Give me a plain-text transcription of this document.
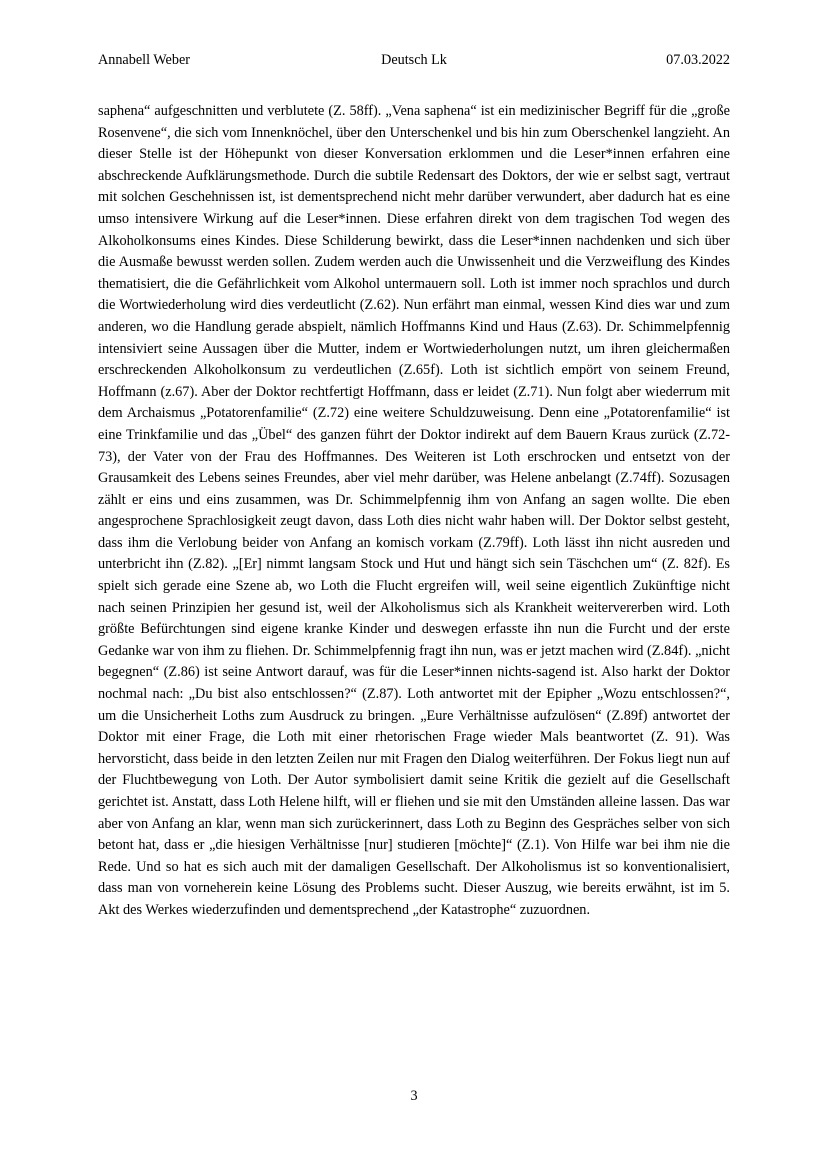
Annabell Weber	Deutsch Lk	07.03.2022

saphena“ aufgeschnitten und verblutete (Z. 58ff). „Vena saphena“ ist ein medizinischer Begriff für die „große Rosenvene“, die sich vom Innenknöchel, über den Unterschenkel und bis hin zum Oberschenkel langzieht. An dieser Stelle ist der Höhepunkt von dieser Konversation erklommen und die Leser*innen erfahren eine abschreckende Aufklärungsmethode. Durch die subtile Redensart des Doktors, der wie er selbst sagt, vertraut mit solchen Geschehnissen ist, ist dementsprechend nicht mehr darüber verwundert, aber dadurch hat es eine umso intensivere Wirkung auf die Leser*innen. Diese erfahren direkt von dem tragischen Tod wegen des Alkoholkonsums eines Kindes. Diese Schilderung bewirkt, dass die Leser*innen nachdenken und sich über die Ausmaße bewusst werden sollen. Zudem werden auch die Unwissenheit und die Verzweiflung des Kindes thematisiert, die die Gefährlichkeit vom Alkohol untermauern soll. Loth ist immer noch sprachlos und durch die Wortwiederholung wird dies verdeutlicht (Z.62). Nun erfährt man einmal, wessen Kind dies war und zum anderen, wo die Handlung gerade abspielt, nämlich Hoffmanns Kind und Haus (Z.63). Dr. Schimmelpfennig intensiviert seine Aussagen über die Mutter, indem er Wortwiederholungen nutzt, um ihren gleichermaßen erschreckenden Alkoholkonsum zu verdeutlichen (Z.65f). Loth ist sichtlich empört von seinem Freund, Hoffmann (z.67). Aber der Doktor rechtfertigt Hoffmann, dass er leidet (Z.71). Nun folgt aber wiederrum mit dem Archaismus „Potatorenfamilie“ (Z.72) eine weitere Schuldzuweisung. Denn eine „Potatorenfamilie“ ist eine Trinkfamilie und das „Übel“ des ganzen führt der Doktor indirekt auf dem Bauern Kraus zurück (Z.72-73), der Vater von der Frau des Hoffmannes. Des Weiteren ist Loth erschrocken und entsetzt von der Grausamkeit des Lebens seines Freundes, aber viel mehr darüber, was Helene anbelangt (Z.74ff). Sozusagen zählt er eins und eins zusammen, was Dr. Schimmelpfennig ihm von Anfang an sagen wollte. Die eben angesprochene Sprachlosigkeit zeugt davon, dass Loth dies nicht wahr haben will. Der Doktor selbst gesteht, dass ihm die Verlobung beider von Anfang an komisch vorkam (Z.79ff). Loth lässt ihn nicht ausreden und unterbricht ihn (Z.82). „[Er] nimmt langsam Stock und Hut und hängt sich sein Täschchen um“ (Z. 82f). Es spielt sich gerade eine Szene ab, wo Loth die Flucht ergreifen will, weil seine eigentlich Zukünftige nicht nach seinen Prinzipien her gesund ist, weil der Alkoholismus sich als Krankheit weitervererben wird. Loth größte Befürchtungen sind eigene kranke Kinder und deswegen erfasste ihn nun die Furcht und der erste Gedanke war von ihm zu fliehen. Dr. Schimmelpfennig fragt ihn nun, was er jetzt machen wird (Z.84f). „nicht begegnen“ (Z.86) ist seine Antwort darauf, was für die Leser*innen nichts-sagend ist. Also harkt der Doktor nochmal nach: „Du bist also entschlossen?“ (Z.87). Loth antwortet mit der Epipher „Wozu entschlossen?“, um die Unsicherheit Loths zum Ausdruck zu bringen. „Eure Verhältnisse aufzulösen“ (Z.89f) antwortet der Doktor mit einer Frage, die Loth mit einer rhetorischen Frage wieder Mals beantwortet (Z. 91). Was hervorsticht, dass beide in den letzten Zeilen nur mit Fragen den Dialog weiterführen. Der Fokus liegt nun auf der Fluchtbewegung von Loth. Der Autor symbolisiert damit seine Kritik die gezielt auf die Gesellschaft gerichtet ist. Anstatt, dass Loth Helene hilft, will er fliehen und sie mit den Umständen alleine lassen. Das war aber von Anfang an klar, wenn man sich zurückerinnert, dass Loth zu Beginn des Gespräches selber von sich betont hat, dass er „die hiesigen Verhältnisse [nur] studieren [möchte]“ (Z.1). Von Hilfe war bei ihm nie die Rede. Und so hat es sich auch mit der damaligen Gesellschaft. Der Alkoholismus ist so konventionalisiert, dass man von vorneherein keine Lösung des Problems sucht. Dieser Auszug, wie bereits erwähnt, ist im 5. Akt des Werkes wiederzufinden und dementsprechend „der Katastrophe“ zuzuordnen.

3
